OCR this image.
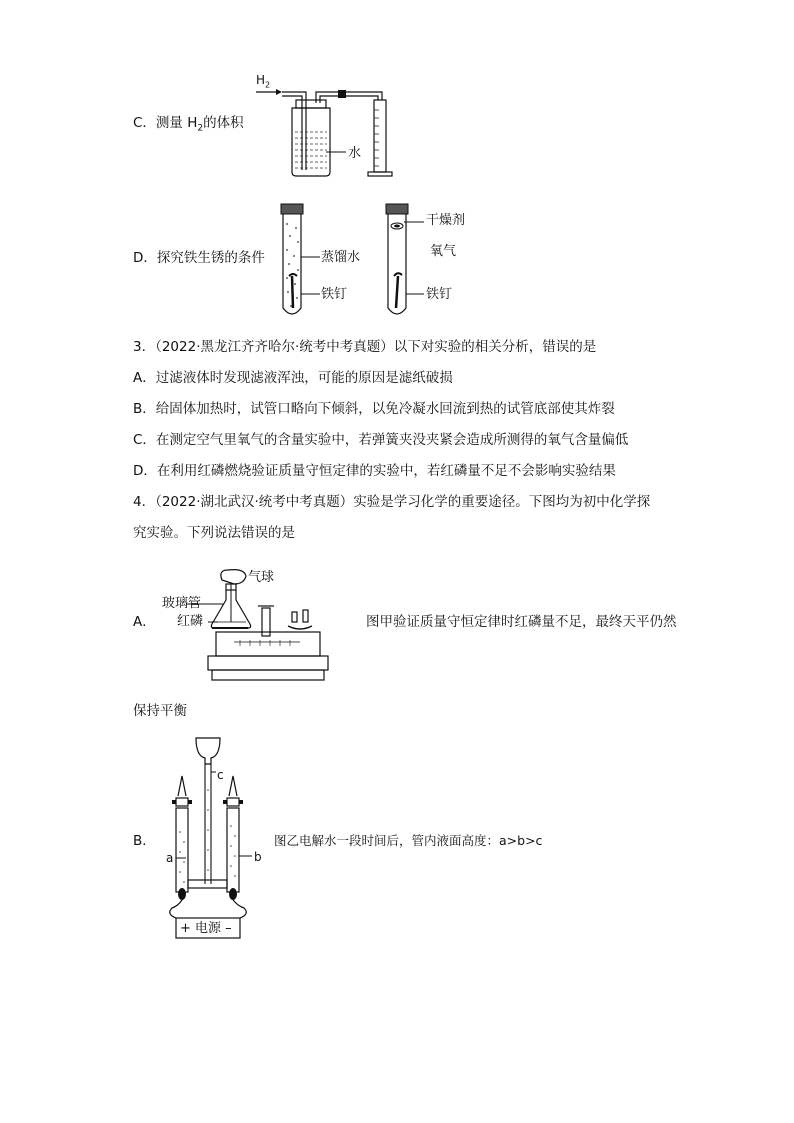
C．测量 $H_2$的体积
$H_2$
水
D．探究铁生锈的条件	蒸馏水
铁钉
干燥剂
氧气
铁钉
3．（2022·黑龙江齐齐哈尔·统考中考真题）以下对实验的相关分析，错误的是
A．过滤液体时发现滤液浑浊，可能的原因是滤纸破损
B．给固体加热时，试管口略向下倾斜，以免冷凝水回流到热的试管底部使其炸裂
C．在测定空气里氧气的含量实验中，若弹簧夹没夹紧会造成所测得的氧气含量偏低
D．在利用红磷燃烧验证质量守恒定律的实验中，若红磷量不足不会影响实验结果
4．（2022·湖北武汉·统考中考真题）实验是学习化学的重要途径。下图均为初中化学探
究实验。下列说法错误的是
A．
气球
玻璃管
红磷	图甲验证质量守恒定律时红磷量不足，最终天平仍然
保持平衡
B．
c
a	b
+ 电源 –
图乙电解水一段时间后，管内液面高度：a>b>c
